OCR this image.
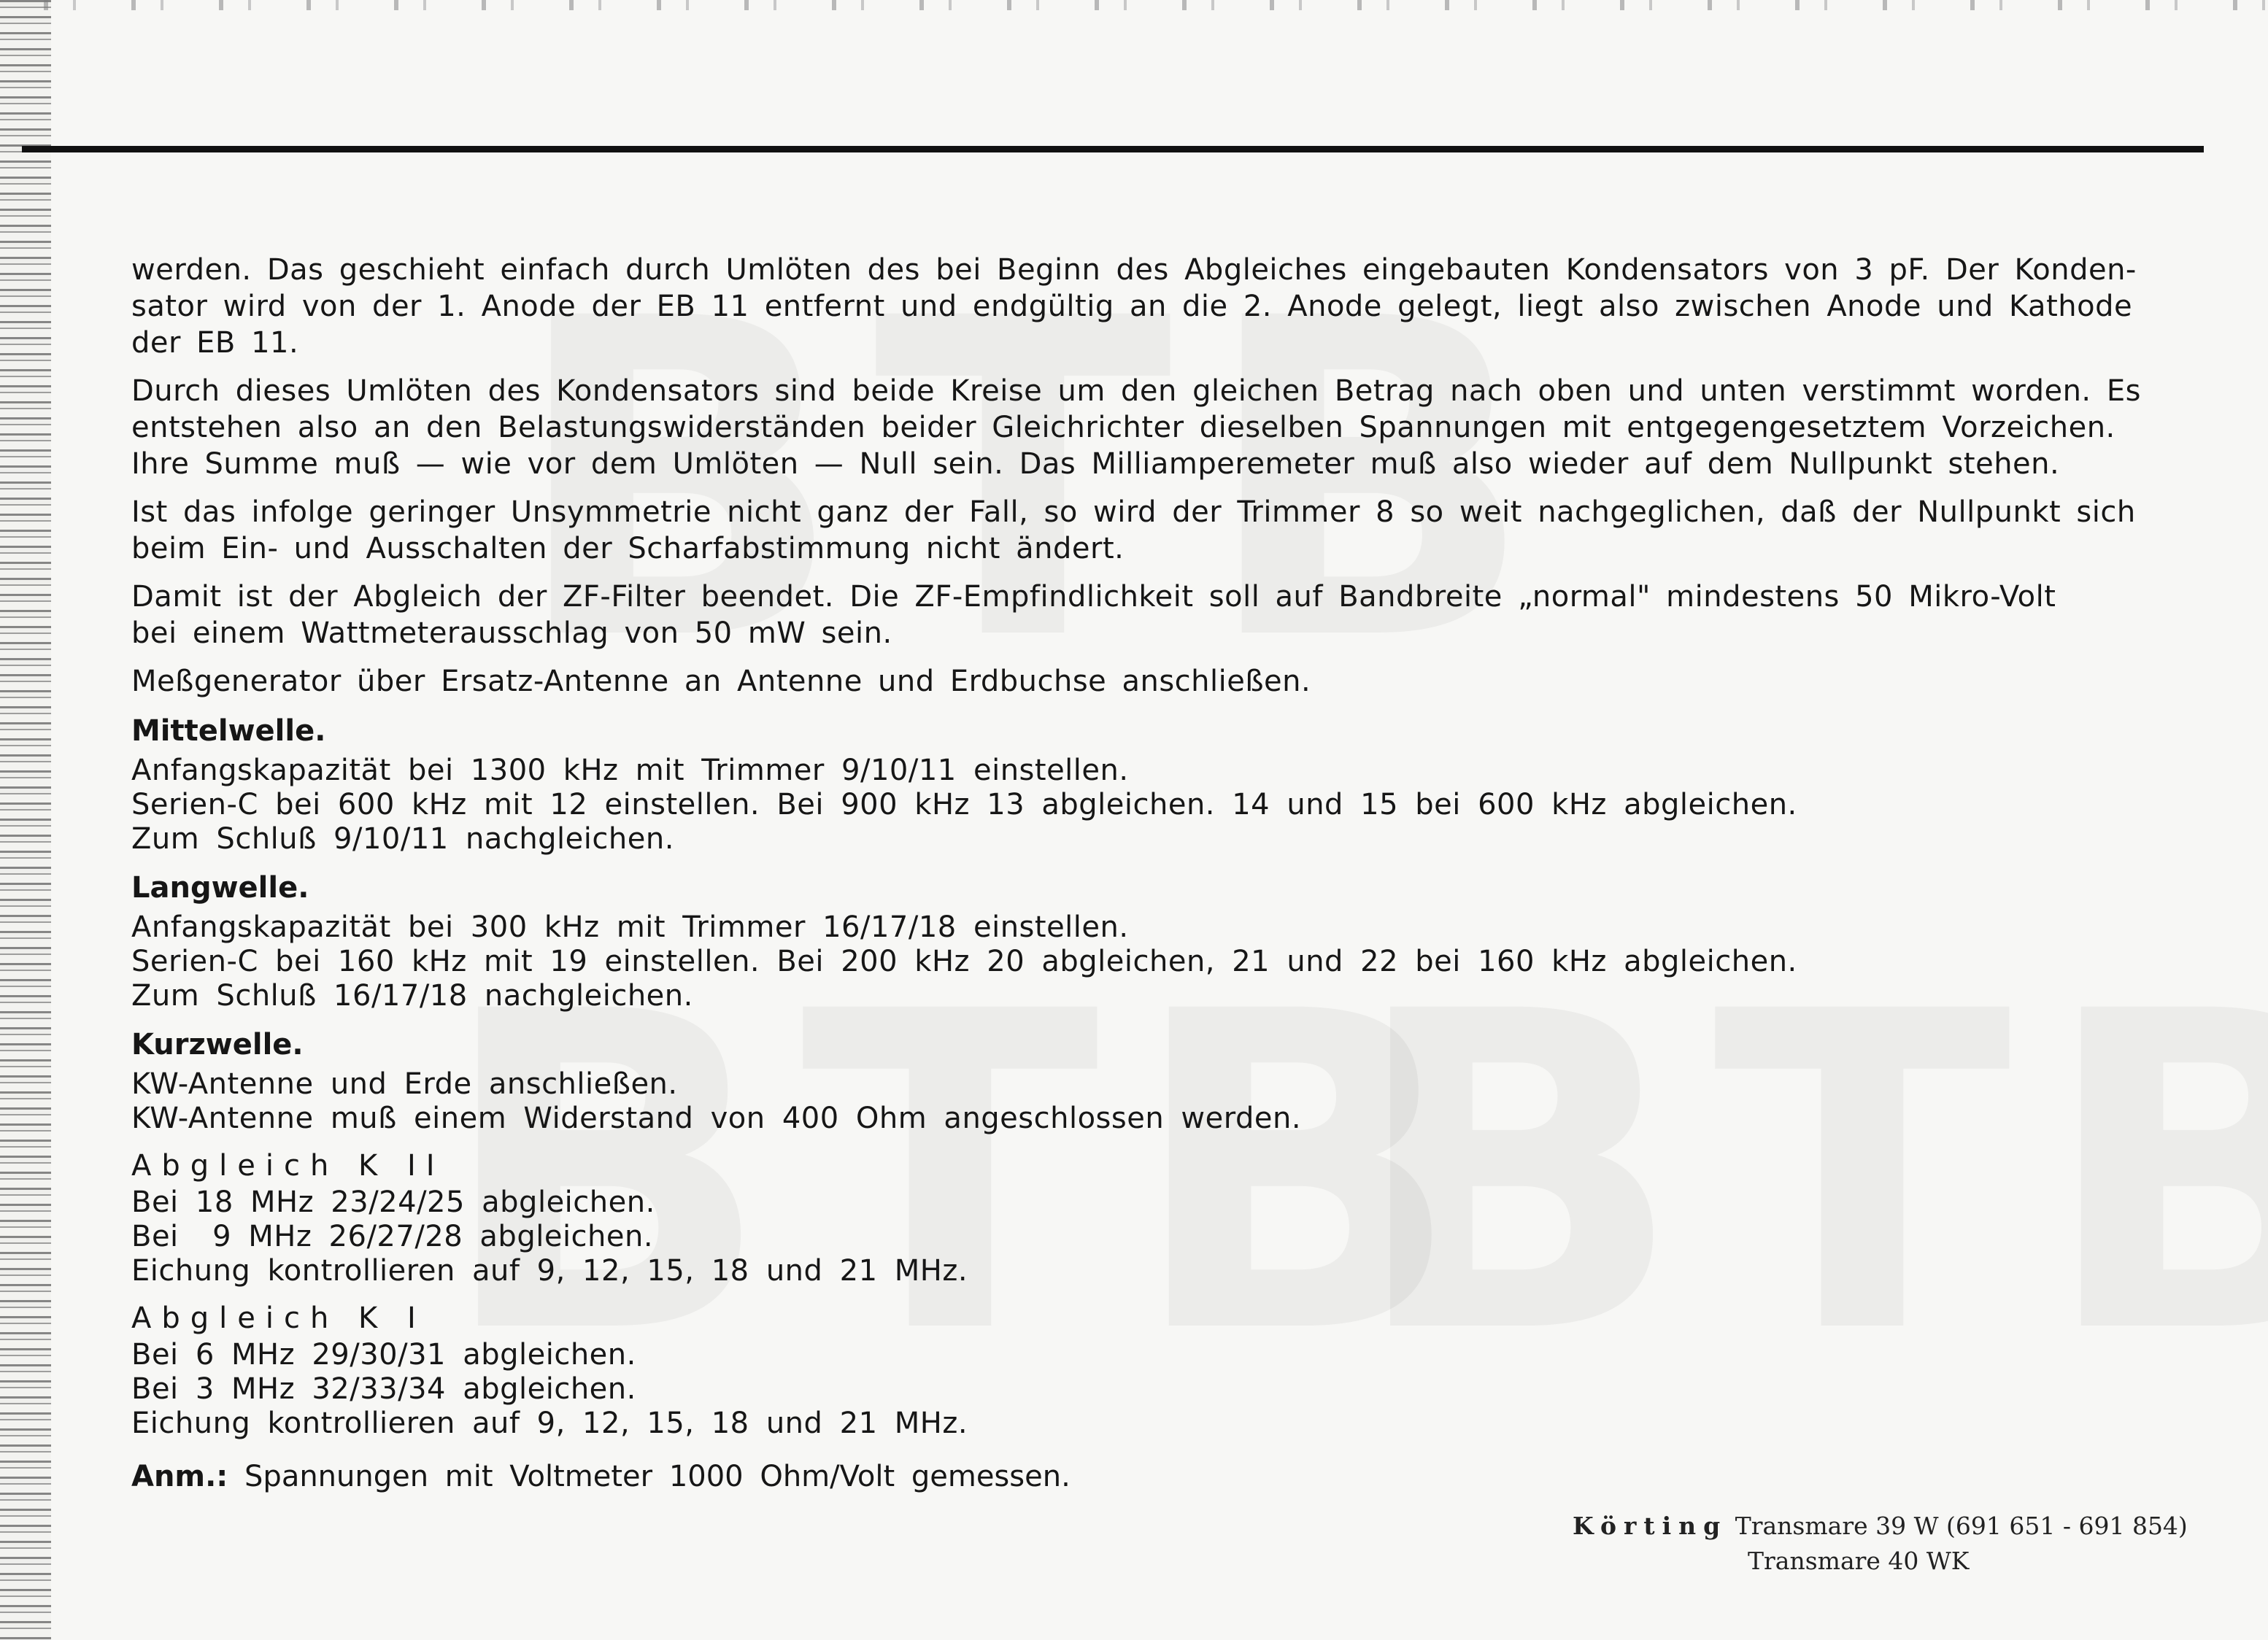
werden. Das geschieht einfach durch Umlöten des bei Beginn des Abgleiches eingebauten Kondensators von 3 pF. Der Konden-
sator wird von der 1. Anode der EB 11 entfernt und endgültig an die 2. Anode gelegt, liegt also zwischen Anode und Kathode
der EB 11.
Durch dieses Umlöten des Kondensators sind beide Kreise um den gleichen Betrag nach oben und unten verstimmt worden. Es
entstehen also an den Belastungswiderständen beider Gleichrichter dieselben Spannungen mit entgegengesetztem Vorzeichen.
Ihre Summe muß — wie vor dem Umlöten — Null sein. Das Milliamperemeter muß also wieder auf dem Nullpunkt stehen.
Ist das infolge geringer Unsymmetrie nicht ganz der Fall, so wird der Trimmer 8 so weit nachgeglichen, daß der Nullpunkt sich
beim Ein- und Ausschalten der Scharfabstimmung nicht ändert.
Damit ist der Abgleich der ZF-Filter beendet. Die ZF-Empfindlichkeit soll auf Bandbreite „normal" mindestens 50 Mikro-Volt
bei einem Wattmeterausschlag von 50 mW sein.
Meßgenerator über Ersatz-Antenne an Antenne und Erdbuchse anschließen.
Mittelwelle.
Anfangskapazität bei 1300 kHz mit Trimmer 9/10/11 einstellen.
Serien-C bei 600 kHz mit 12 einstellen. Bei 900 kHz 13 abgleichen. 14 und 15 bei 600 kHz abgleichen.
Zum Schluß 9/10/11 nachgleichen.
Langwelle.
Anfangskapazität bei 300 kHz mit Trimmer 16/17/18 einstellen.
Serien-C bei 160 kHz mit 19 einstellen. Bei 200 kHz 20 abgleichen, 21 und 22 bei 160 kHz abgleichen.
Zum Schluß 16/17/18 nachgleichen.
Kurzwelle.
KW-Antenne und Erde anschließen.
KW-Antenne muß einem Widerstand von 400 Ohm angeschlossen werden.
Abgleich K II
Bei 18 MHz 23/24/25 abgleichen.
Bei  9 MHz 26/27/28 abgleichen.
Eichung kontrollieren auf 9, 12, 15, 18 und 21 MHz.
Abgleich K I
Bei 6 MHz 29/30/31 abgleichen.
Bei 3 MHz 32/33/34 abgleichen.
Eichung kontrollieren auf 9, 12, 15, 18 und 21 MHz.
Anm.: Spannungen mit Voltmeter 1000 Ohm/Volt gemessen.
Körting Transmare 39 W (691 651 - 691 854)
Transmare 40 WK
